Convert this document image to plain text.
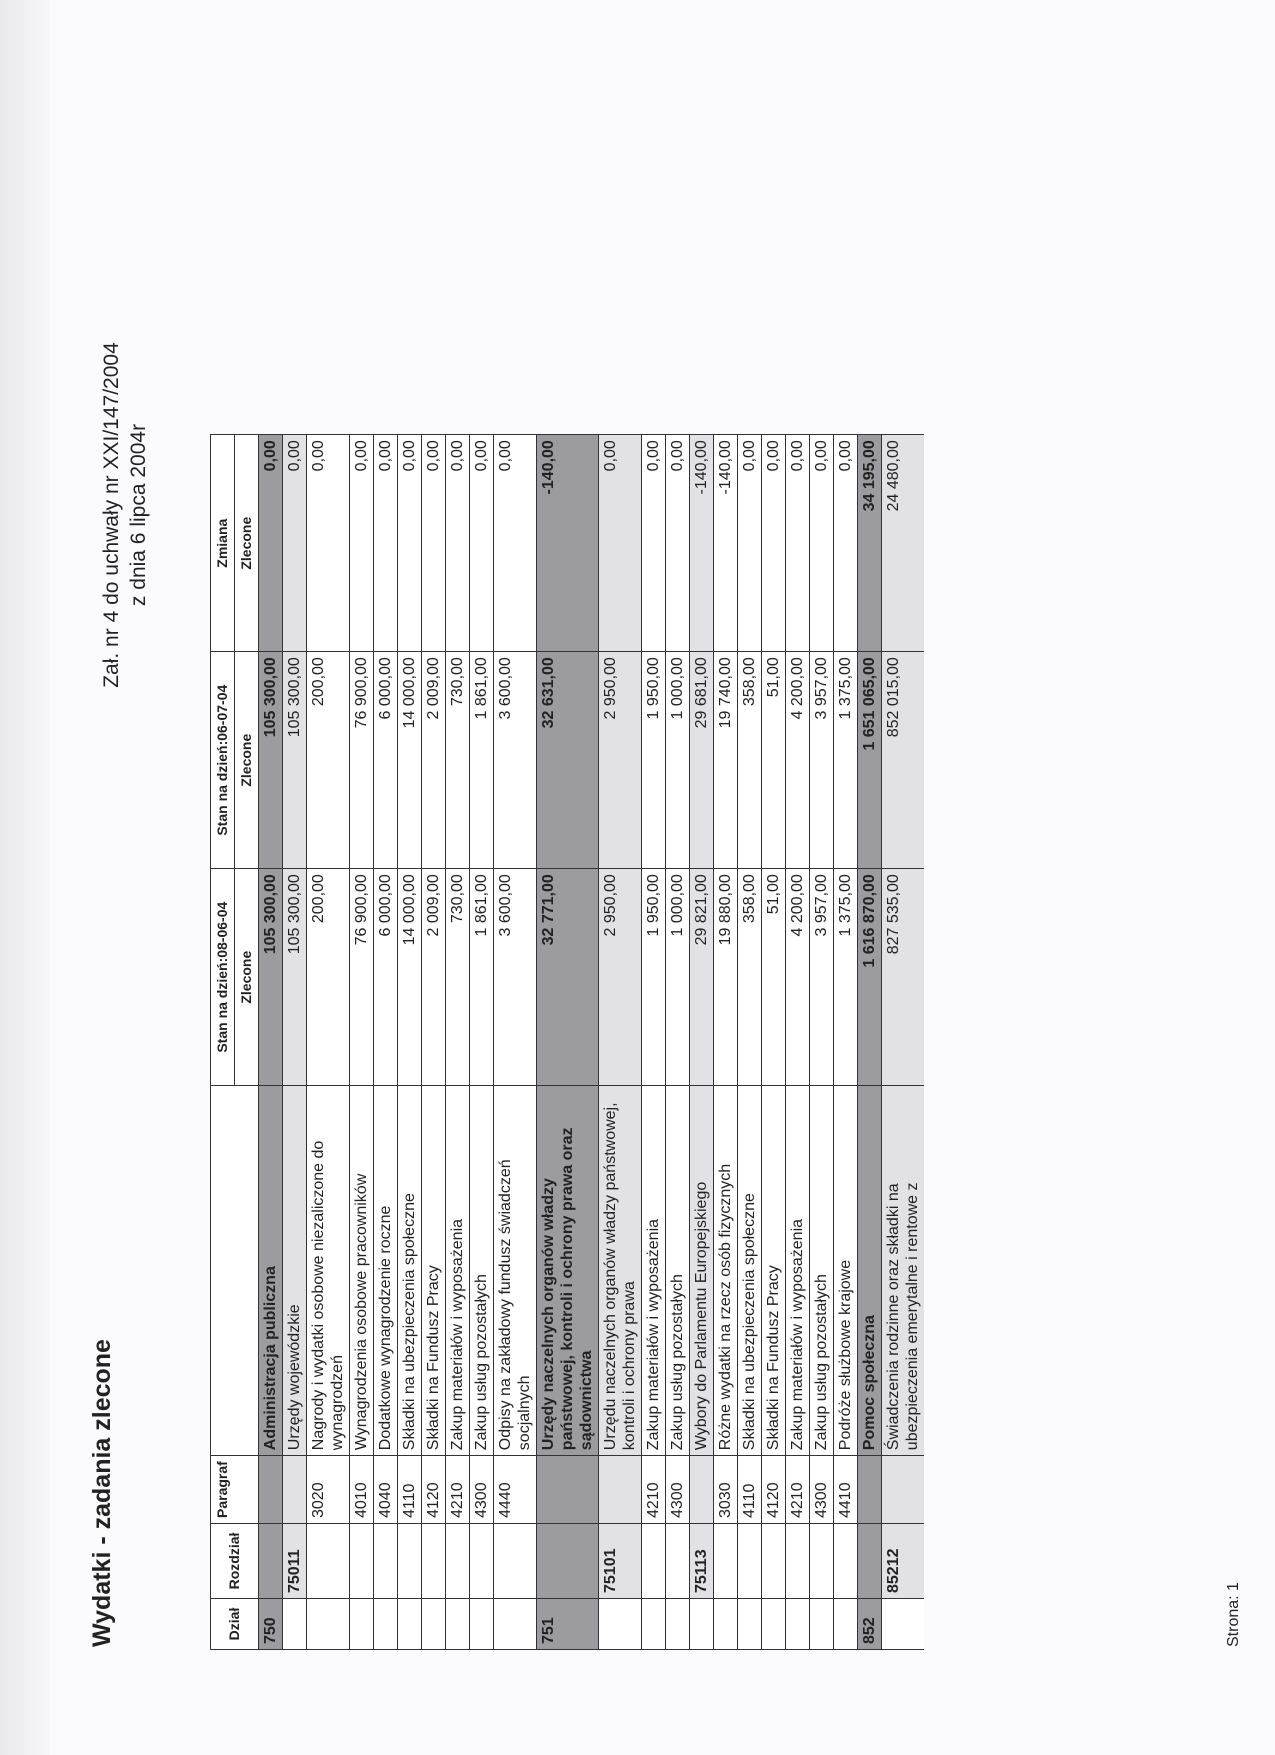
Wydatki - zadania zlecone
Zał. nr 4 do uchwały nr XXI/147/2004 z dnia 6 lipca 2004r
Dział	Rozdział	Paragraf		Stan na dzień:08-06-04	Stan na dzień:06-07-04	Zmiana
				Zlecone	Zlecone	Zlecone
750			Administracja publiczna	105 300,00	105 300,00	0,00
	75011		Urzędy wojewódzkie	105 300,00	105 300,00	0,00
		3020	Nagrody i wydatki osobowe niezaliczone do wynagrodzeń	200,00	200,00	0,00
		4010	Wynagrodzenia osobowe pracowników	76 900,00	76 900,00	0,00
		4040	Dodatkowe wynagrodzenie roczne	6 000,00	6 000,00	0,00
		4110	Składki na ubezpieczenia społeczne	14 000,00	14 000,00	0,00
		4120	Składki na Fundusz Pracy	2 009,00	2 009,00	0,00
		4210	Zakup materiałów i wyposażenia	730,00	730,00	0,00
		4300	Zakup usług pozostałych	1 861,00	1 861,00	0,00
		4440	Odpisy na zakładowy fundusz świadczeń socjalnych	3 600,00	3 600,00	0,00
751			Urzędy naczelnych organów władzy państwowej, kontroli i ochrony prawa oraz sądownictwa	32 771,00	32 631,00	-140,00
	75101		Urzędu naczelnych organów władzy państwowej, kontroli i ochrony prawa	2 950,00	2 950,00	0,00
		4210	Zakup materiałów i wyposażenia	1 950,00	1 950,00	0,00
		4300	Zakup usług pozostałych	1 000,00	1 000,00	0,00
	75113		Wybory do Parlamentu Europejskiego	29 821,00	29 681,00	-140,00
		3030	Różne wydatki na rzecz osób fizycznych	19 880,00	19 740,00	-140,00
		4110	Składki na ubezpieczenia społeczne	358,00	358,00	0,00
		4120	Składki na Fundusz Pracy	51,00	51,00	0,00
		4210	Zakup materiałów i wyposażenia	4 200,00	4 200,00	0,00
		4300	Zakup usług pozostałych	3 957,00	3 957,00	0,00
		4410	Podróże służbowe krajowe	1 375,00	1 375,00	0,00
852			Pomoc społeczna	1 616 870,00	1 651 065,00	34 195,00
	85212		Świadczenia rodzinne oraz składki na ubezpieczenia emerytalne i rentowe z	827 535,00	852 015,00	24 480,00
Strona: 1
